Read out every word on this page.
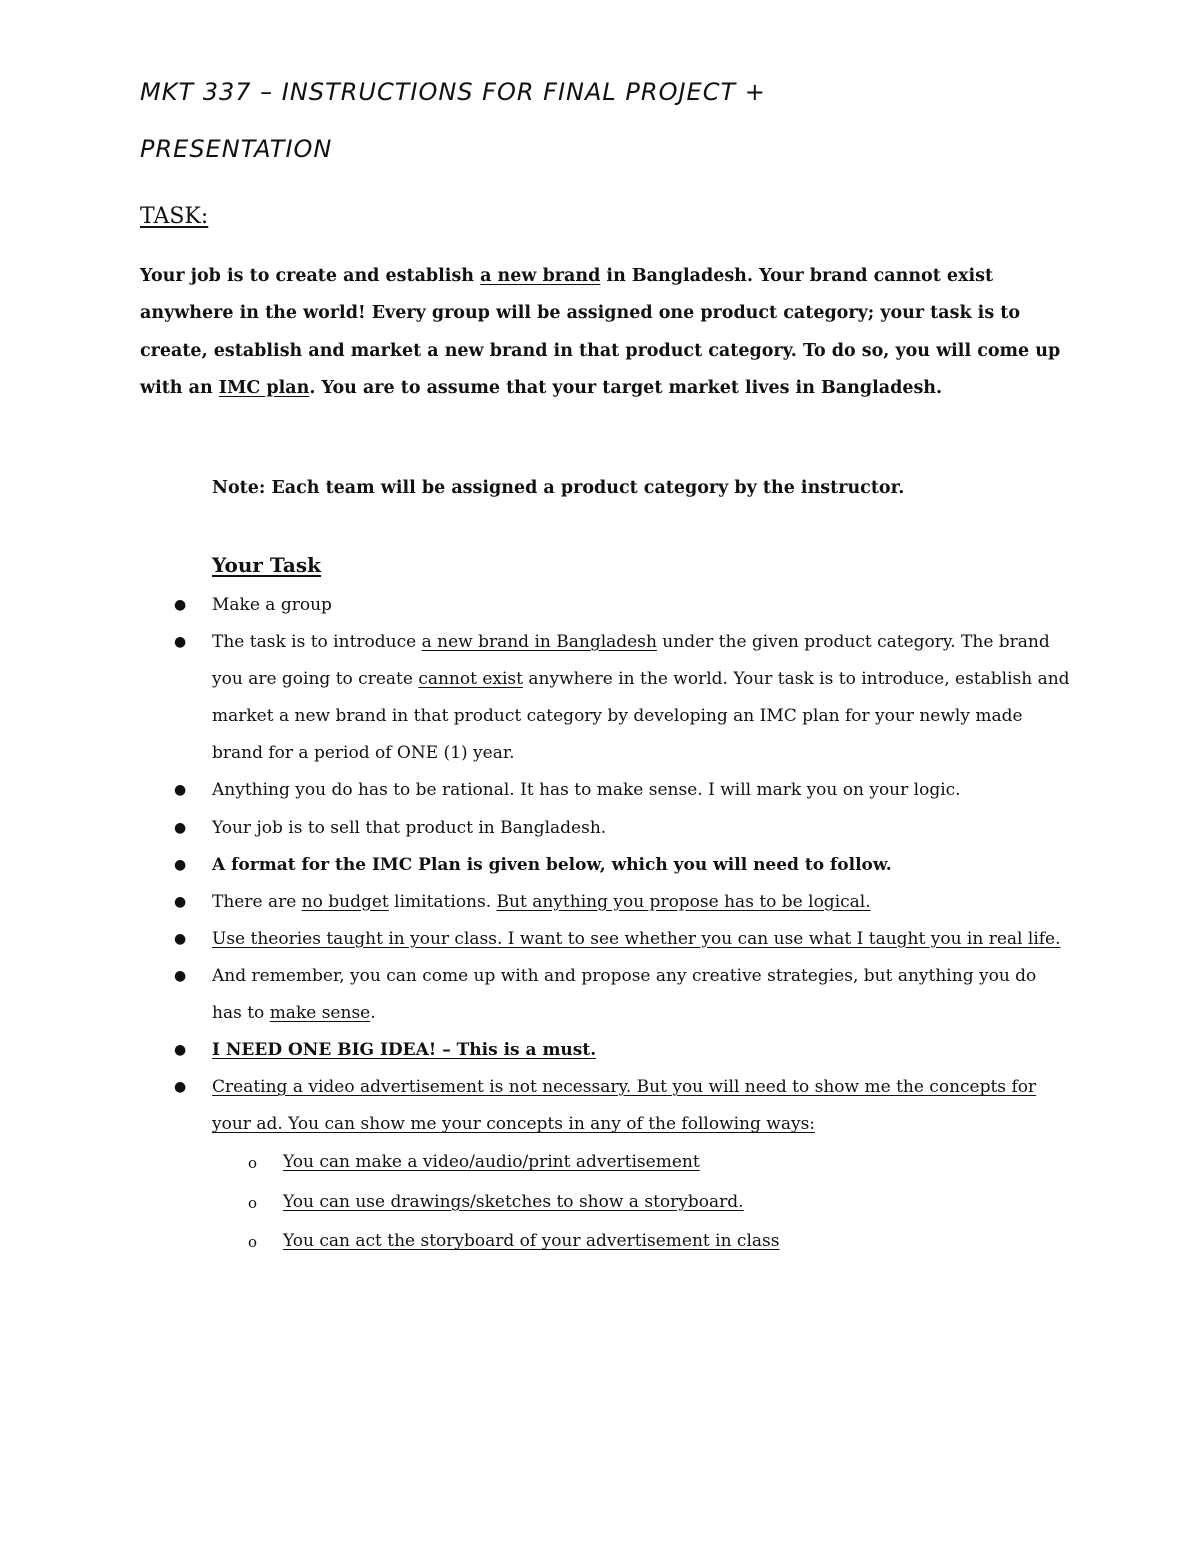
MKT 337 – INSTRUCTIONS FOR FINAL PROJECT +
PRESENTATION
TASK:
Your job is to create and establish a new brand in Bangladesh. Your brand cannot exist anywhere in the world! Every group will be assigned one product category; your task is to create, establish and market a new brand in that product category. To do so, you will come up with an IMC plan. You are to assume that your target market lives in Bangladesh.
Note: Each team will be assigned a product category by the instructor.
Your Task
● Make a group
● The task is to introduce a new brand in Bangladesh under the given product category. The brand you are going to create cannot exist anywhere in the world. Your task is to introduce, establish and market a new brand in that product category by developing an IMC plan for your newly made brand for a period of ONE (1) year.
● Anything you do has to be rational. It has to make sense. I will mark you on your logic.
● Your job is to sell that product in Bangladesh.
● A format for the IMC Plan is given below, which you will need to follow.
● There are no budget limitations. But anything you propose has to be logical.
● Use theories taught in your class. I want to see whether you can use what I taught you in real life.
● And remember, you can come up with and propose any creative strategies, but anything you do has to make sense.
● I NEED ONE BIG IDEA! – This is a must.
● Creating a video advertisement is not necessary. But you will need to show me the concepts for your ad. You can show me your concepts in any of the following ways:
o You can make a video/audio/print advertisement
o You can use drawings/sketches to show a storyboard.
o You can act the storyboard of your advertisement in class
